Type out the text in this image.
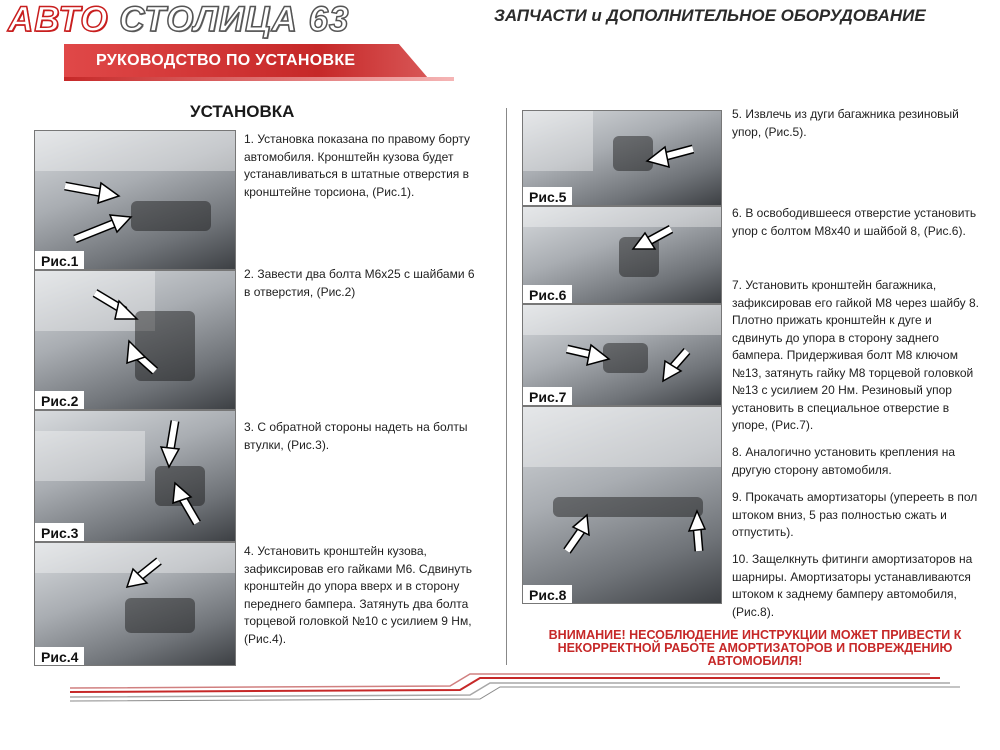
АВТО СТОЛИЦА 63	ЗАПЧАСТИ и ДОПОЛНИТЕЛЬНОЕ ОБОРУДОВАНИЕ
РУКОВОДСТВО ПО УСТАНОВКЕ
УСТАНОВКА
Рис.1
Рис.2
Рис.3
Рис.4
1. Установка показана по правому борту автомобиля. Кронштейн кузова будет устанавливаться в штатные отверстия в кронштейне торсиона, (Рис.1).
2. Завести два болта М6х25 с шайбами 6 в отверстия, (Рис.2)
3. С обратной стороны надеть на болты втулки, (Рис.3).
4. Установить кронштейн кузова, зафиксировав его гайками М6. Сдвинуть кронштейн до упора вверх и в сторону переднего бампера. Затянуть два болта торцевой головкой №10 с усилием 9 Нм, (Рис.4).
Рис.5
Рис.6
Рис.7
Рис.8
5. Извлечь из дуги багажника резиновый упор, (Рис.5).
6. В освободившееся отверстие установить упор с болтом М8х40 и шайбой 8, (Рис.6).
7. Установить кронштейн багажника, зафиксировав его гайкой М8 через шайбу 8. Плотно прижать кронштейн к дуге и сдвинуть до упора в сторону заднего бампера. Придерживая болт М8 ключом №13, затянуть гайку М8 торцевой головкой №13 с усилием 20 Нм. Резиновый упор установить в специальное отверстие в упоре, (Рис.7).
8. Аналогично установить крепления на другую сторону автомобиля.
9. Прокачать амортизаторы (уперееть в пол штоком вниз, 5 раз полностью сжать и отпустить).
10. Защелкнуть фитинги амортизаторов на шарниры. Амортизаторы устанавливаются штоком к заднему бамперу автомобиля, (Рис.8).
ВНИМАНИЕ! НЕСОБЛЮДЕНИЕ ИНСТРУКЦИИ МОЖЕТ ПРИВЕСТИ К НЕКОРРЕКТНОЙ РАБОТЕ АМОРТИЗАТОРОВ И ПОВРЕЖДЕНИЮ АВТОМОБИЛЯ!
